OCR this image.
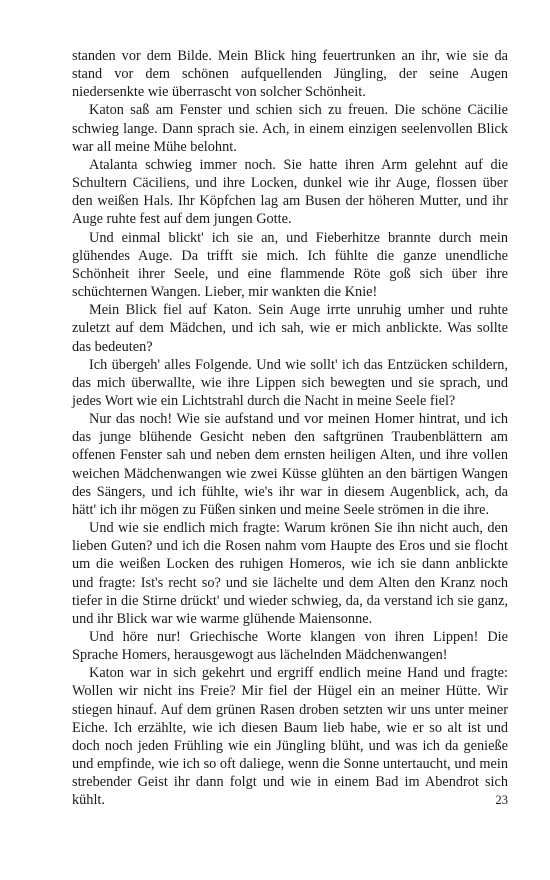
standen vor dem Bilde. Mein Blick hing feuertrunken an ihr, wie sie da stand vor dem schönen aufquellenden Jüngling, der seine Augen niedersenkte wie überrascht von solcher Schönheit.

Katon saß am Fenster und schien sich zu freuen. Die schöne Cäcilie schwieg lange. Dann sprach sie. Ach, in einem einzigen seelenvollen Blick war all meine Mühe belohnt.

Atalanta schwieg immer noch. Sie hatte ihren Arm gelehnt auf die Schultern Cäciliens, und ihre Locken, dunkel wie ihr Auge, flossen über den weißen Hals. Ihr Köpfchen lag am Busen der höheren Mutter, und ihr Auge ruhte fest auf dem jungen Gotte.

Und einmal blickt' ich sie an, und Fieberhitze brannte durch mein glühendes Auge. Da trifft sie mich. Ich fühlte die ganze unendliche Schönheit ihrer Seele, und eine flammende Röte goß sich über ihre schüchternen Wangen. Lieber, mir wankten die Knie!

Mein Blick fiel auf Katon. Sein Auge irrte unruhig umher und ruhte zuletzt auf dem Mädchen, und ich sah, wie er mich anblickte. Was sollte das bedeuten?

Ich übergeh' alles Folgende. Und wie sollt' ich das Entzücken schildern, das mich überwallte, wie ihre Lippen sich bewegten und sie sprach, und jedes Wort wie ein Lichtstrahl durch die Nacht in meine Seele fiel?

Nur das noch! Wie sie aufstand und vor meinen Homer hintrat, und ich das junge blühende Gesicht neben den saftgrünen Traubenblättern am offenen Fenster sah und neben dem ernsten heiligen Alten, und ihre vollen weichen Mädchenwangen wie zwei Küsse glühten an den bärtigen Wangen des Sängers, und ich fühlte, wie's ihr war in diesem Augenblick, ach, da hätt' ich ihr mögen zu Füßen sinken und meine Seele strömen in die ihre.

Und wie sie endlich mich fragte: Warum krönen Sie ihn nicht auch, den lieben Guten? und ich die Rosen nahm vom Haupte des Eros und sie flocht um die weißen Locken des ruhigen Homeros, wie ich sie dann anblickte und fragte: Ist's recht so? und sie lächelte und dem Alten den Kranz noch tiefer in die Stirne drückt' und wieder schwieg, da, da verstand ich sie ganz, und ihr Blick war wie warme glühende Maiensonne.

Und höre nur! Griechische Worte klangen von ihren Lippen! Die Sprache Homers, herausgewogt aus lächelnden Mädchenwangen!

Katon war in sich gekehrt und ergriff endlich meine Hand und fragte: Wollen wir nicht ins Freie? Mir fiel der Hügel ein an meiner Hütte. Wir stiegen hinauf. Auf dem grünen Rasen droben setzten wir uns unter meiner Eiche. Ich erzählte, wie ich diesen Baum lieb habe, wie er so alt ist und doch noch jeden Frühling wie ein Jüngling blüht, und was ich da genieße und empfinde, wie ich so oft daliege, wenn die Sonne untertaucht, und mein strebender Geist ihr dann folgt und wie in einem Bad im Abendrot sich kühlt.	23
